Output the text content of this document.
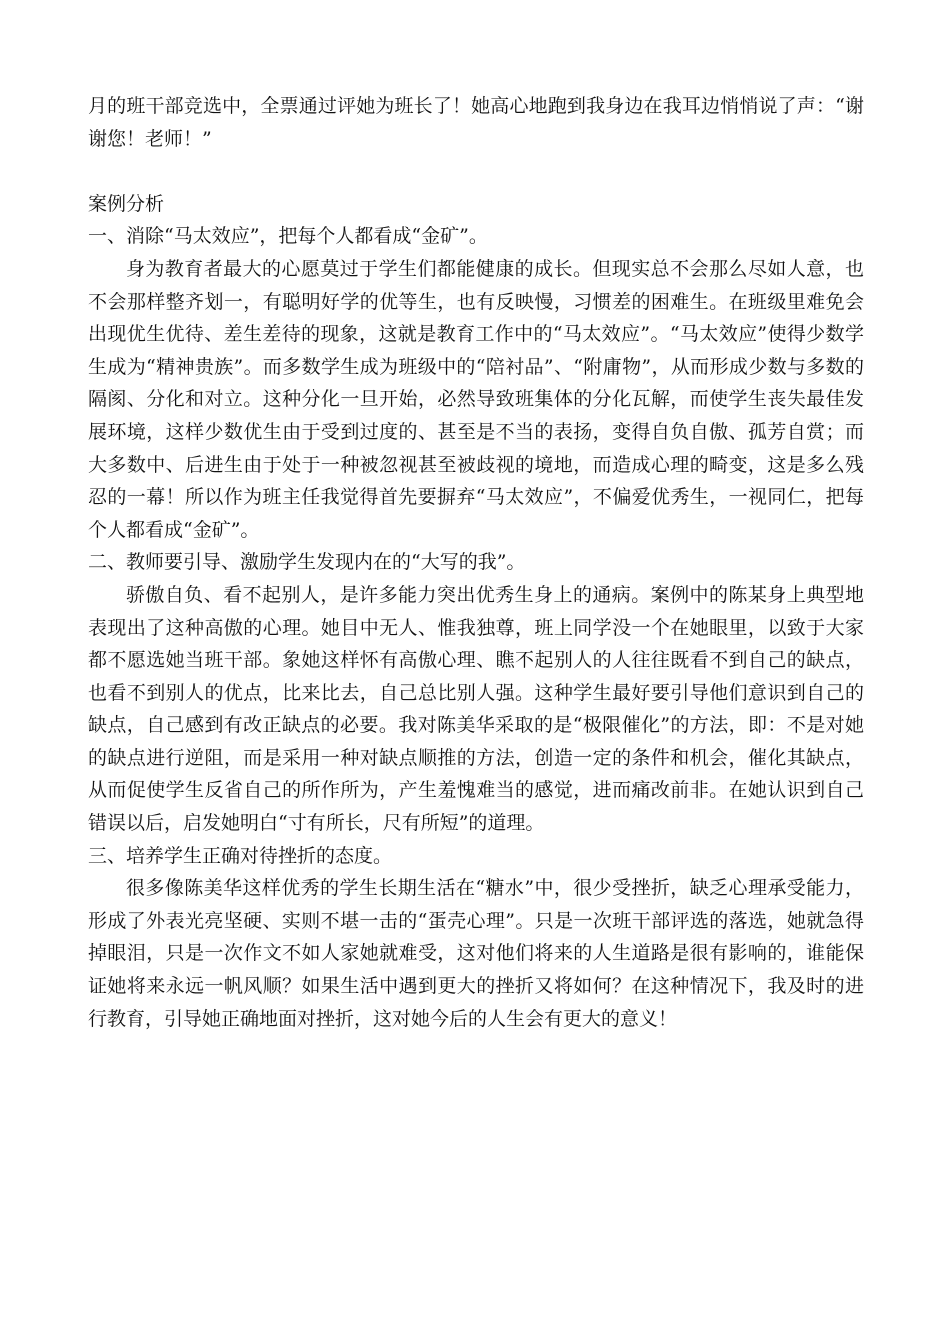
月的班干部竞选中，全票通过评她为班长了！她高心地跑到我身边在我耳边悄悄说了声：“谢谢您！老师！”

案例分析

一、消除“马太效应”，把每个人都看成“金矿”。

身为教育者最大的心愿莫过于学生们都能健康的成长。但现实总不会那么尽如人意，也不会那样整齐划一，有聪明好学的优等生，也有反映慢，习惯差的困难生。在班级里难免会出现优生优待、差生差待的现象，这就是教育工作中的“马太效应”。“马太效应”使得少数学生成为“精神贵族”。而多数学生成为班级中的“陪衬品”、“附庸物”，从而形成少数与多数的隔阂、分化和对立。这种分化一旦开始，必然导致班集体的分化瓦解，而使学生丧失最佳发展环境，这样少数优生由于受到过度的、甚至是不当的表扬，变得自负自傲、孤芳自赏；而大多数中、后进生由于处于一种被忽视甚至被歧视的境地，而造成心理的畸变，这是多么残忍的一幕！所以作为班主任我觉得首先要摒弃“马太效应”，不偏爱优秀生，一视同仁，把每个人都看成“金矿”。

二、教师要引导、激励学生发现内在的“大写的我”。

骄傲自负、看不起别人，是许多能力突出优秀生身上的通病。案例中的陈某身上典型地表现出了这种高傲的心理。她目中无人、惟我独尊，班上同学没一个在她眼里，以致于大家都不愿选她当班干部。象她这样怀有高傲心理、瞧不起别人的人往往既看不到自己的缺点，也看不到别人的优点，比来比去，自己总比别人强。这种学生最好要引导他们意识到自己的缺点，自己感到有改正缺点的必要。我对陈美华采取的是“极限催化”的方法，即：不是对她的缺点进行逆阻，而是采用一种对缺点顺推的方法，创造一定的条件和机会，催化其缺点，从而促使学生反省自己的所作所为，产生羞愧难当的感觉，进而痛改前非。在她认识到自己错误以后，启发她明白“寸有所长，尺有所短”的道理。

三、培养学生正确对待挫折的态度。

很多像陈美华这样优秀的学生长期生活在“糖水”中，很少受挫折，缺乏心理承受能力，形成了外表光亮坚硬、实则不堪一击的“蛋壳心理”。只是一次班干部评选的落选，她就急得掉眼泪，只是一次作文不如人家她就难受，这对他们将来的人生道路是很有影响的，谁能保证她将来永远一帆风顺？如果生活中遇到更大的挫折又将如何？在这种情况下，我及时的进行教育，引导她正确地面对挫折，这对她今后的人生会有更大的意义！
